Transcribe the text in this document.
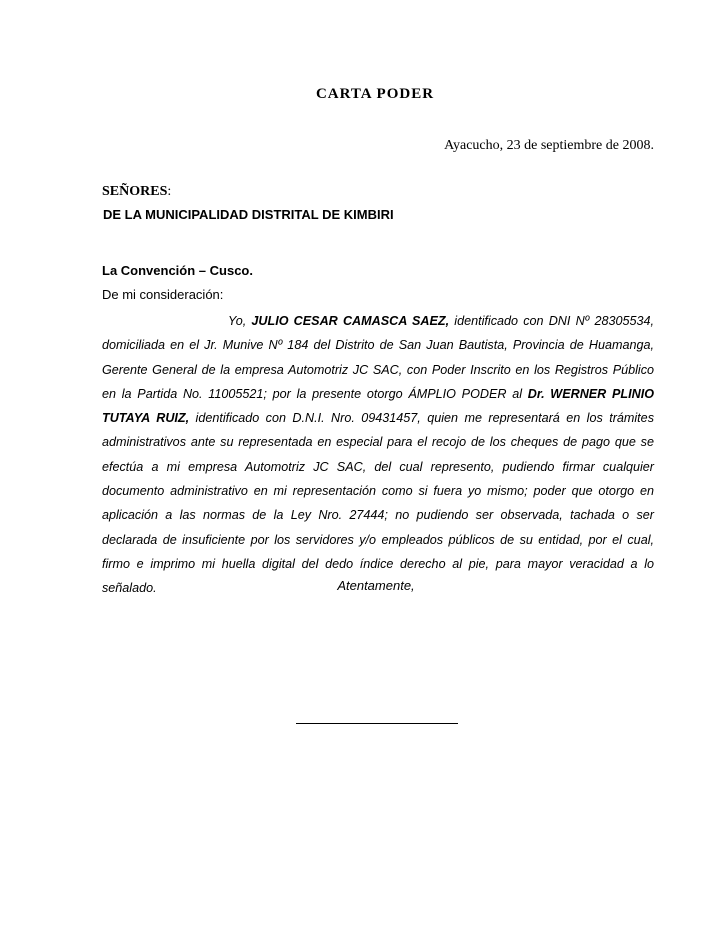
CARTA PODER
Ayacucho, 23 de septiembre de 2008.
SEÑORES:
DE LA MUNICIPALIDAD DISTRITAL DE KIMBIRI
La Convención – Cusco.
De mi consideración:
Yo, JULIO CESAR CAMASCA SAEZ, identificado con DNI Nº 28305534, domiciliada en el Jr. Munive Nº 184 del Distrito de San Juan Bautista, Provincia de Huamanga, Gerente General de la empresa Automotriz JC SAC, con Poder Inscrito en los Registros Público en la Partida No. 11005521; por la presente otorgo ÁMPLIO PODER al Dr. WERNER PLINIO TUTAYA RUIZ, identificado con D.N.I. Nro. 09431457, quien me representará en los trámites administrativos ante su representada en especial para el recojo de los cheques de pago que se efectúa a mi empresa Automotriz JC SAC, del cual represento, pudiendo firmar cualquier documento administrativo en mi representación como si fuera yo mismo; poder que otorgo en aplicación a las normas de la Ley Nro. 27444; no pudiendo ser observada, tachada o ser declarada de insuficiente por los servidores y/o empleados públicos de su entidad, por el cual, firmo e imprimo mi huella digital del dedo índice derecho al pie, para mayor veracidad a lo señalado.	Atentamente,
